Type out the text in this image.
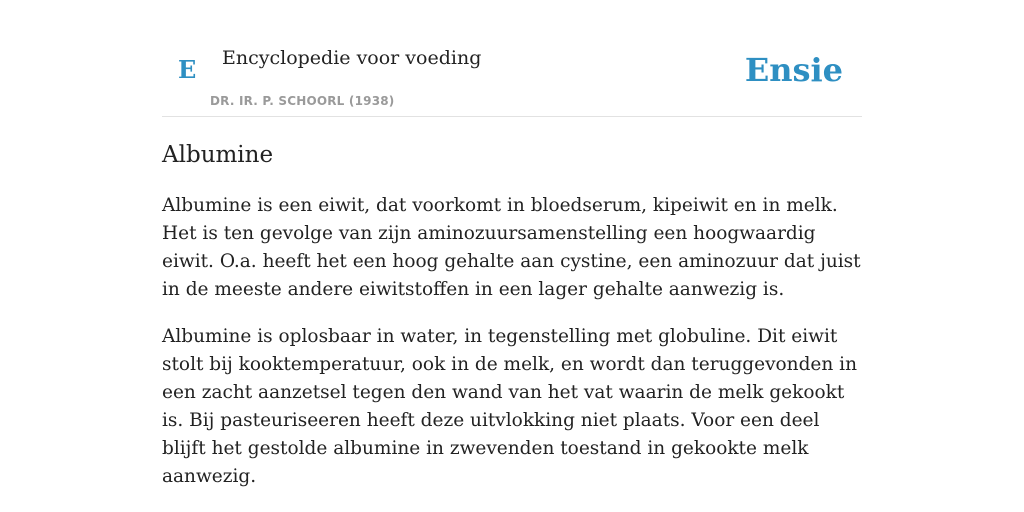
E Encyclopedie voor voeding
DR. IR. P. SCHOORL (1938)
Ensie
Albumine

Albumine is een eiwit, dat voorkomt in bloedserum, kipeiwit en in melk. Het is ten gevolge van zijn aminozuursamenstelling een hoogwaardig eiwit. O.a. heeft het een hoog gehalte aan cystine, een aminozuur dat juist in de meeste andere eiwitstoffen in een lager gehalte aanwezig is.

Albumine is oplosbaar in water, in tegenstelling met globuline. Dit eiwit stolt bij kooktemperatuur, ook in de melk, en wordt dan teruggevonden in een zacht aanzetsel tegen den wand van het vat waarin de melk gekookt is. Bij pasteuriseeren heeft deze uitvlokking niet plaats. Voor een deel blijft het gestolde albumine in zwevenden toestand in gekookte melk aanwezig.
